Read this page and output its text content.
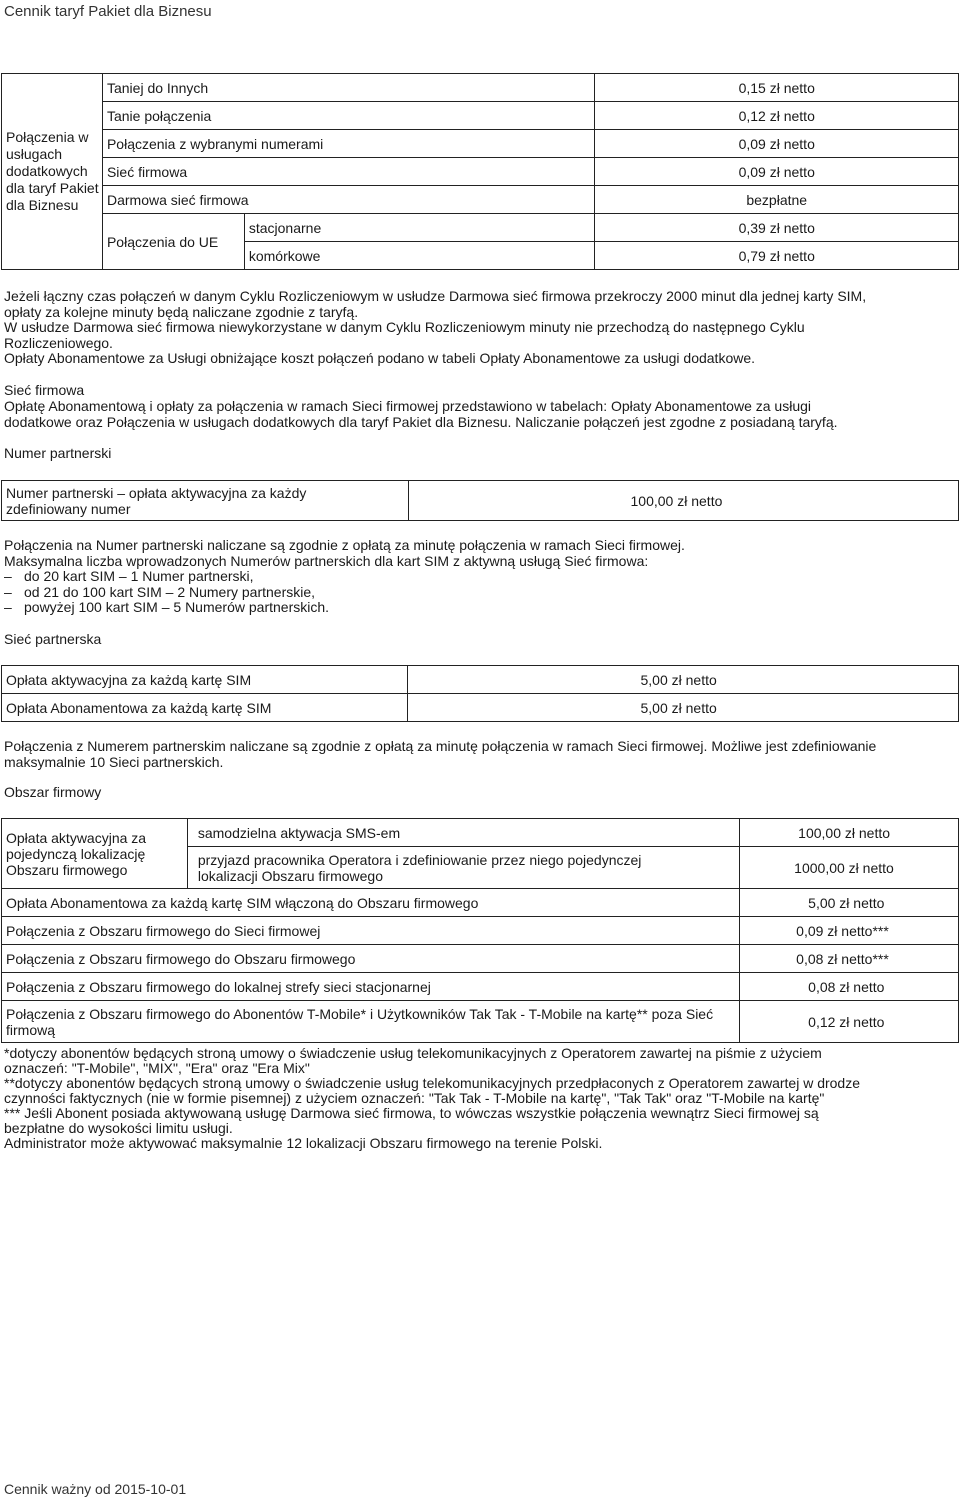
Cennik taryf Pakiet dla Biznesu
Połączenia w usługach dodatkowych dla taryf Pakiet dla Biznesu	Taniej do Innych		0,15 zł netto
	Tanie połączenia		0,12 zł netto
	Połączenia z wybranymi numerami		0,09 zł netto
	Sieć firmowa		0,09 zł netto
	Darmowa sieć firmowa		bezpłatne
	Połączenia do UE	stacjonarne	0,39 zł netto
		komórkowe	0,79 zł netto
Jeżeli łączny czas połączeń w danym Cyklu Rozliczeniowym w usłudze Darmowa sieć firmowa przekroczy 2000 minut dla jednej karty SIM,
opłaty za kolejne minuty będą naliczane zgodnie z taryfą.
W usłudze Darmowa sieć firmowa niewykorzystane w danym Cyklu Rozliczeniowym minuty nie przechodzą do następnego Cyklu
Rozliczeniowego.
Opłaty Abonamentowe za Usługi obniżające koszt połączeń podano w tabeli Opłaty Abonamentowe za usługi dodatkowe.
Sieć firmowa
Opłatę Abonamentową i opłaty za połączenia w ramach Sieci firmowej przedstawiono w tabelach: Opłaty Abonamentowe za usługi
dodatkowe oraz Połączenia w usługach dodatkowych dla taryf Pakiet dla Biznesu. Naliczanie połączeń jest zgodne z posiadaną taryfą.
Numer partnerski
Numer partnerski – opłata aktywacyjna za każdy zdefiniowany numer	100,00 zł netto
Połączenia na Numer partnerski naliczane są zgodnie z opłatą za minutę połączenia w ramach Sieci firmowej.
Maksymalna liczba wprowadzonych Numerów partnerskich dla kart SIM z aktywną usługą Sieć firmowa:
– do 20 kart SIM – 1 Numer partnerski,
– od 21 do 100 kart SIM – 2 Numery partnerskie,
– powyżej 100 kart SIM – 5 Numerów partnerskich.
Sieć partnerska
Opłata aktywacyjna za każdą kartę SIM	5,00 zł netto
Opłata Abonamentowa za każdą kartę SIM	5,00 zł netto
Połączenia z Numerem partnerskim naliczane są zgodnie z opłatą za minutę połączenia w ramach Sieci firmowej. Możliwe jest zdefiniowanie
maksymalnie 10 Sieci partnerskich.
Obszar firmowy
Opłata aktywacyjna za pojedynczą lokalizację Obszaru firmowego	samodzielna aktywacja SMS-em	100,00 zł netto
	przyjazd pracownika Operatora i zdefiniowanie przez niego pojedynczej lokalizacji Obszaru firmowego	1000,00 zł netto
Opłata Abonamentowa za każdą kartę SIM włączoną do Obszaru firmowego		5,00 zł netto
Połączenia z Obszaru firmowego do Sieci firmowej		0,09 zł netto***
Połączenia z Obszaru firmowego do Obszaru firmowego		0,08 zł netto***
Połączenia z Obszaru firmowego do lokalnej strefy sieci stacjonarnej		0,08 zł netto
Połączenia z Obszaru firmowego do Abonentów T-Mobile* i Użytkowników Tak Tak - T-Mobile na kartę** poza Sieć firmową		0,12 zł netto
*dotyczy abonentów będących stroną umowy o świadczenie usług telekomunikacyjnych z Operatorem zawartej na piśmie z użyciem
oznaczeń: "T-Mobile", "MIX", "Era" oraz "Era Mix"
**dotyczy abonentów będących stroną umowy o świadczenie usług telekomunikacyjnych przedpłaconych z Operatorem zawartej w drodze
czynności faktycznych (nie w formie pisemnej) z użyciem oznaczeń: "Tak Tak - T-Mobile na kartę", "Tak Tak" oraz "T-Mobile na kartę"
*** Jeśli Abonent posiada aktywowaną usługę Darmowa sieć firmowa, to wówczas wszystkie połączenia wewnątrz Sieci firmowej są
bezpłatne do wysokości limitu usługi.
Administrator może aktywować maksymalnie 12 lokalizacji Obszaru firmowego na terenie Polski.
Cennik ważny od 2015-10-01
